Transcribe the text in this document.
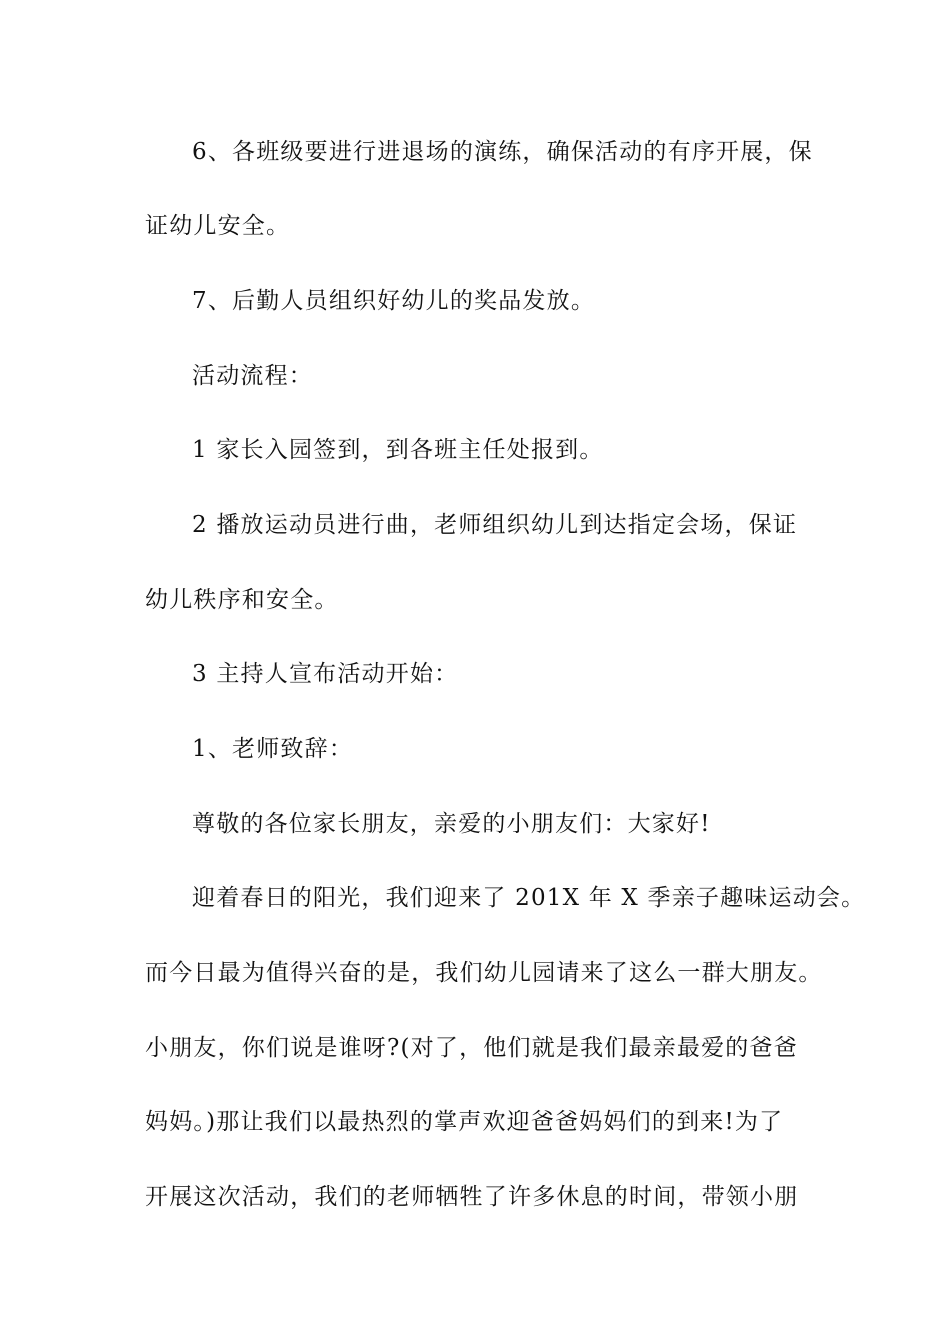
6、各班级要进行进退场的演练，确保活动的有序开展，保
证幼儿安全。
7、后勤人员组织好幼儿的奖品发放。
活动流程：
1 家长入园签到，到各班主任处报到。
2 播放运动员进行曲，老师组织幼儿到达指定会场，保证
幼儿秩序和安全。
3 主持人宣布活动开始：
1、老师致辞：
尊敬的各位家长朋友，亲爱的小朋友们：大家好!
迎着春日的阳光，我们迎来了 201X 年 X 季亲子趣味运动会。
而今日最为值得兴奋的是，我们幼儿园请来了这么一群大朋友。
小朋友，你们说是谁呀?(对了，他们就是我们最亲最爱的爸爸
妈妈。)那让我们以最热烈的掌声欢迎爸爸妈妈们的到来!为了
开展这次活动，我们的老师牺牲了许多休息的时间，带领小朋
